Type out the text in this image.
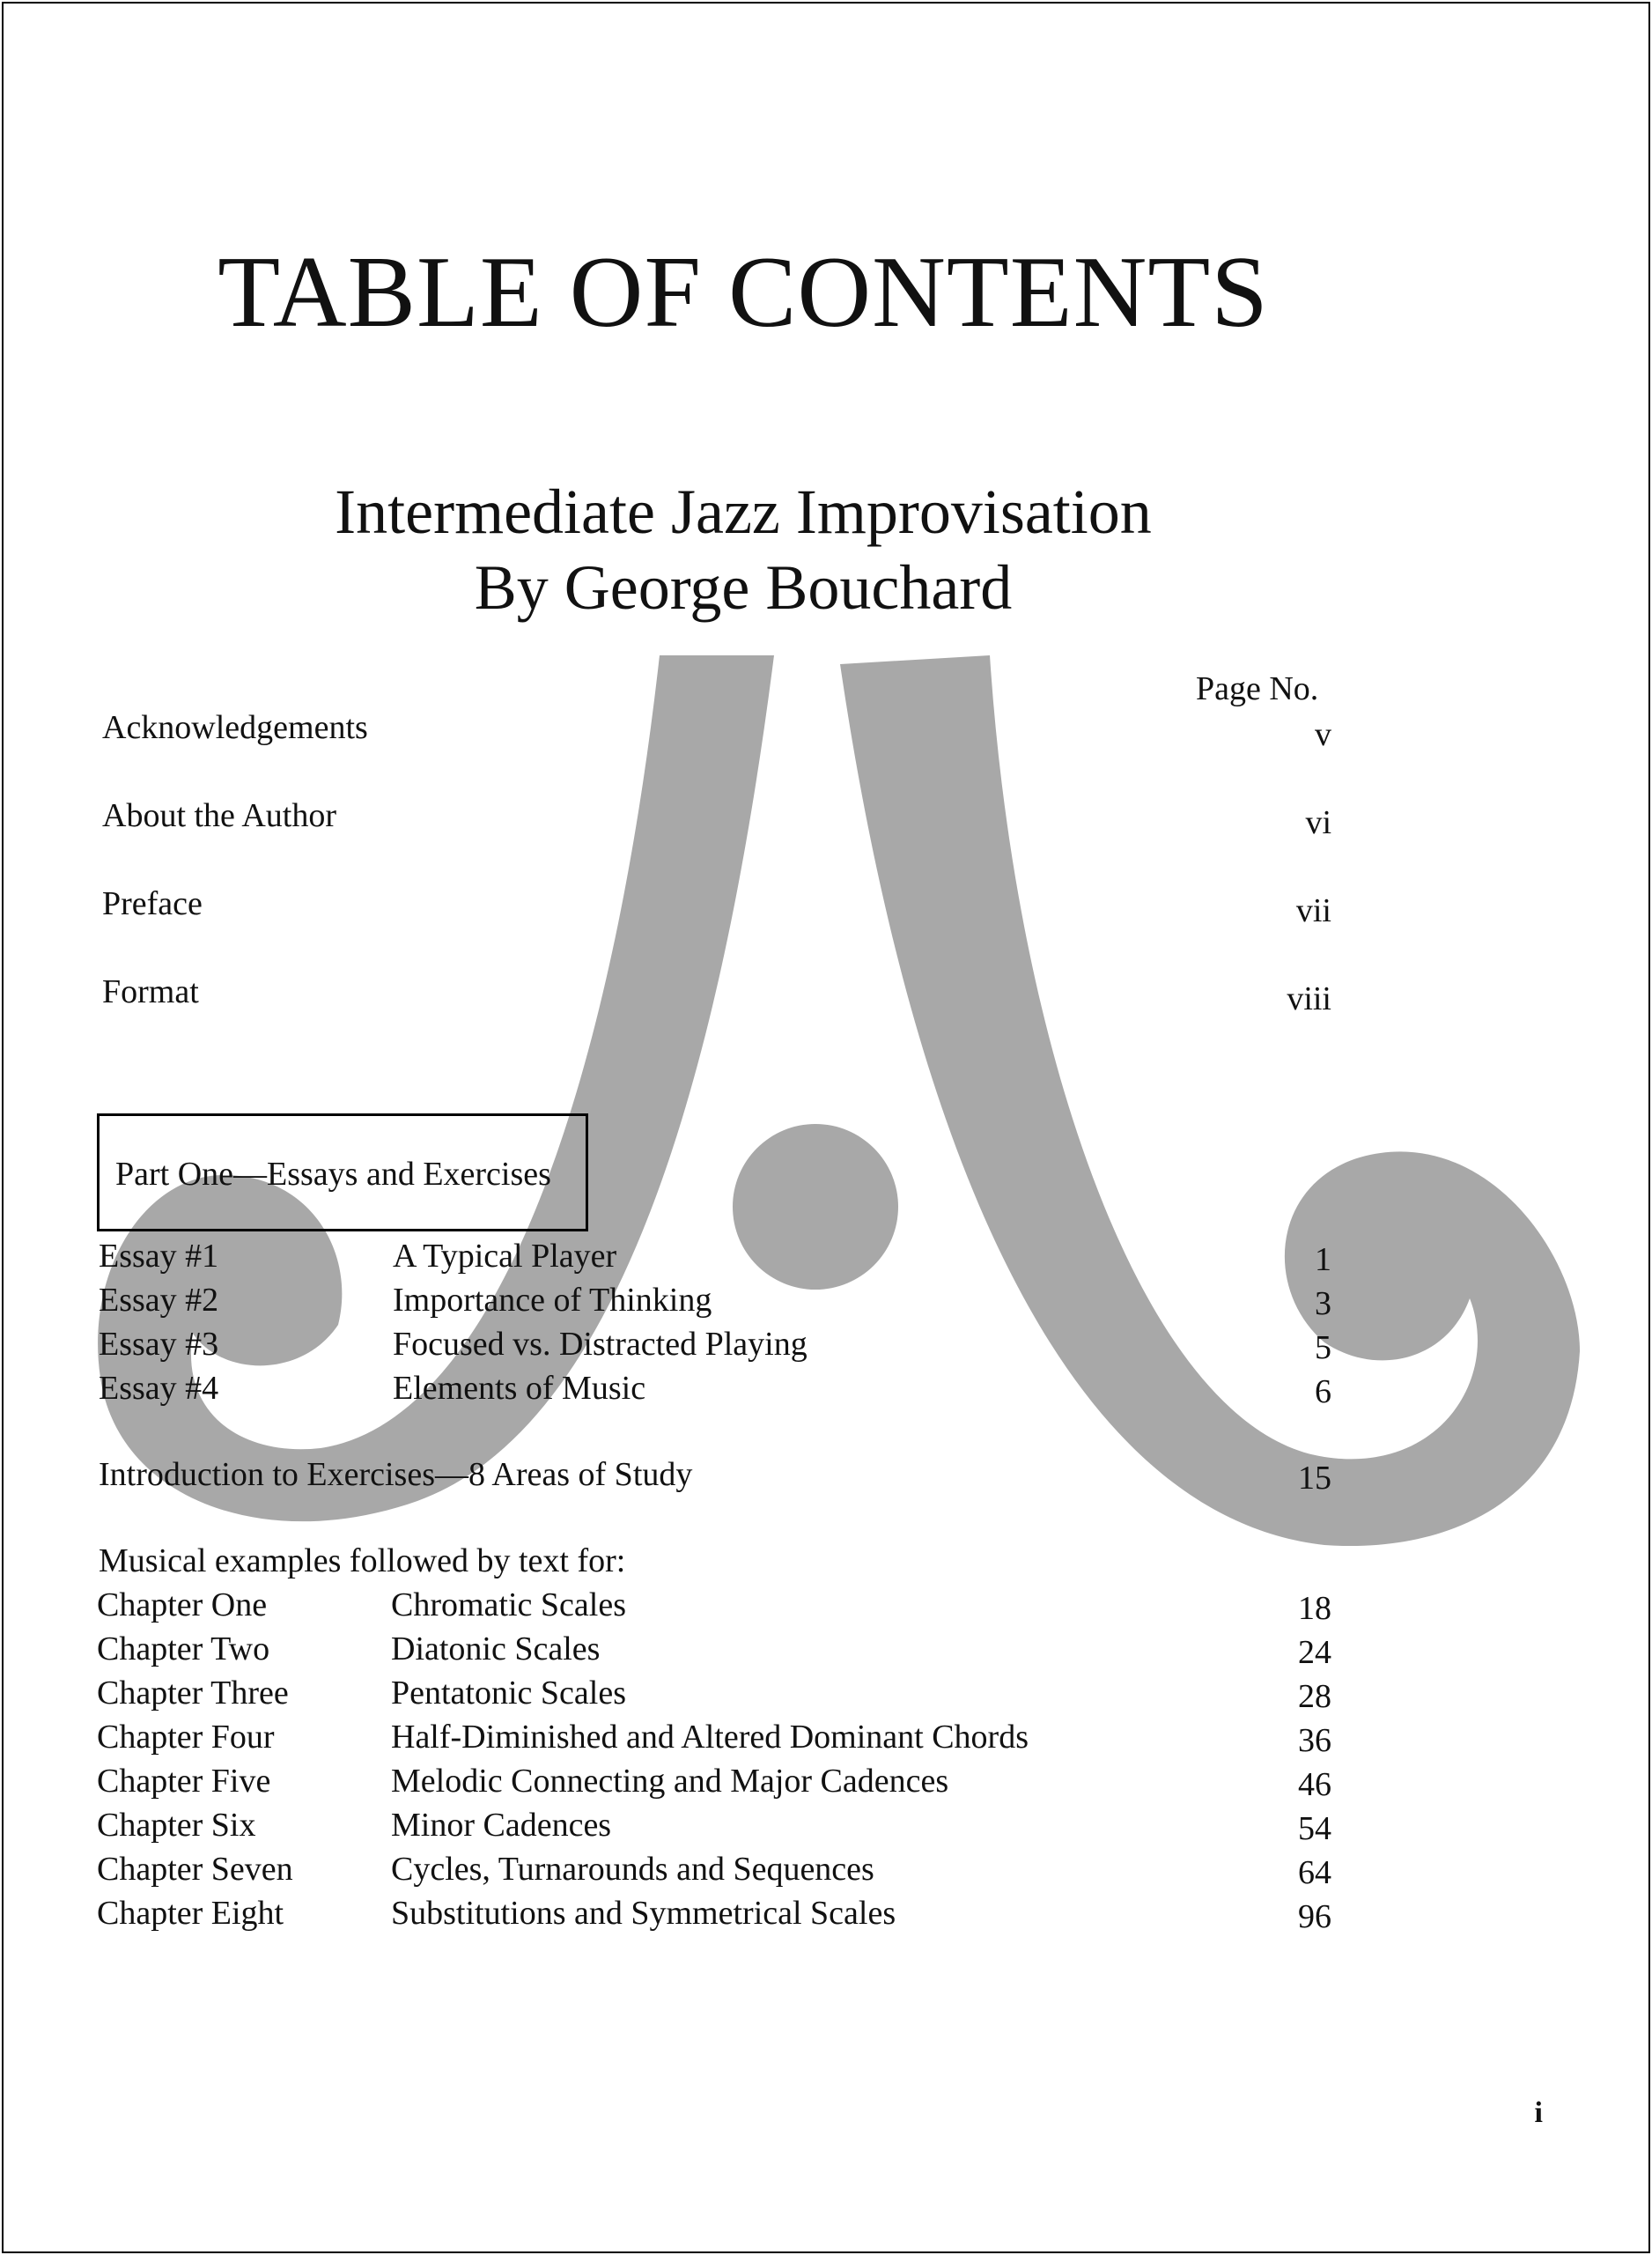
TABLE OF CONTENTS
Intermediate Jazz Improvisation
By George Bouchard
Page No.
Acknowledgements	v
About the Author	vi
Preface	vii
Format	viii
Part One—Essays and Exercises
Essay #1	A Typical Player	1
Essay #2	Importance of Thinking	3
Essay #3	Focused vs. Distracted Playing	5
Essay #4	Elements of Music	6
Introduction to Exercises—8 Areas of Study	15
Musical examples followed by text for:
Chapter One	Chromatic Scales	18
Chapter Two	Diatonic Scales	24
Chapter Three	Pentatonic Scales	28
Chapter Four	Half-Diminished and Altered Dominant Chords	36
Chapter Five	Melodic Connecting and Major Cadences	46
Chapter Six	Minor Cadences	54
Chapter Seven	Cycles, Turnarounds and Sequences	64
Chapter Eight	Substitutions and Symmetrical Scales	96
i
